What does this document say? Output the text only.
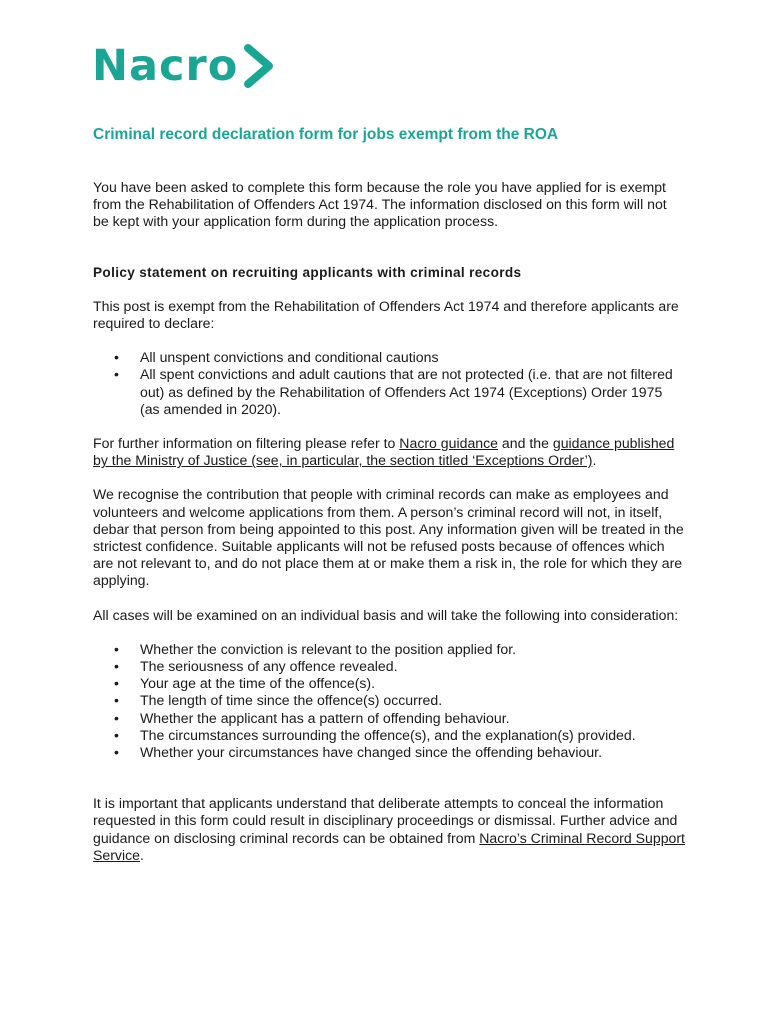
Nacro
Criminal record declaration form for jobs exempt from the ROA

You have been asked to complete this form because the role you have applied for is exempt from the Rehabilitation of Offenders Act 1974. The information disclosed on this form will not be kept with your application form during the application process.

Policy statement on recruiting applicants with criminal records

This post is exempt from the Rehabilitation of Offenders Act 1974 and therefore applicants are required to declare:

• All unspent convictions and conditional cautions
• All spent convictions and adult cautions that are not protected (i.e. that are not filtered out) as defined by the Rehabilitation of Offenders Act 1974 (Exceptions) Order 1975 (as amended in 2020).

For further information on filtering please refer to Nacro guidance and the guidance published by the Ministry of Justice (see, in particular, the section titled ‘Exceptions Order’).

We recognise the contribution that people with criminal records can make as employees and volunteers and welcome applications from them. A person’s criminal record will not, in itself, debar that person from being appointed to this post. Any information given will be treated in the strictest confidence. Suitable applicants will not be refused posts because of offences which are not relevant to, and do not place them at or make them a risk in, the role for which they are applying.

All cases will be examined on an individual basis and will take the following into consideration:

• Whether the conviction is relevant to the position applied for.
• The seriousness of any offence revealed.
• Your age at the time of the offence(s).
• The length of time since the offence(s) occurred.
• Whether the applicant has a pattern of offending behaviour.
• The circumstances surrounding the offence(s), and the explanation(s) provided.
• Whether your circumstances have changed since the offending behaviour.

It is important that applicants understand that deliberate attempts to conceal the information requested in this form could result in disciplinary proceedings or dismissal. Further advice and guidance on disclosing criminal records can be obtained from Nacro’s Criminal Record Support Service.
